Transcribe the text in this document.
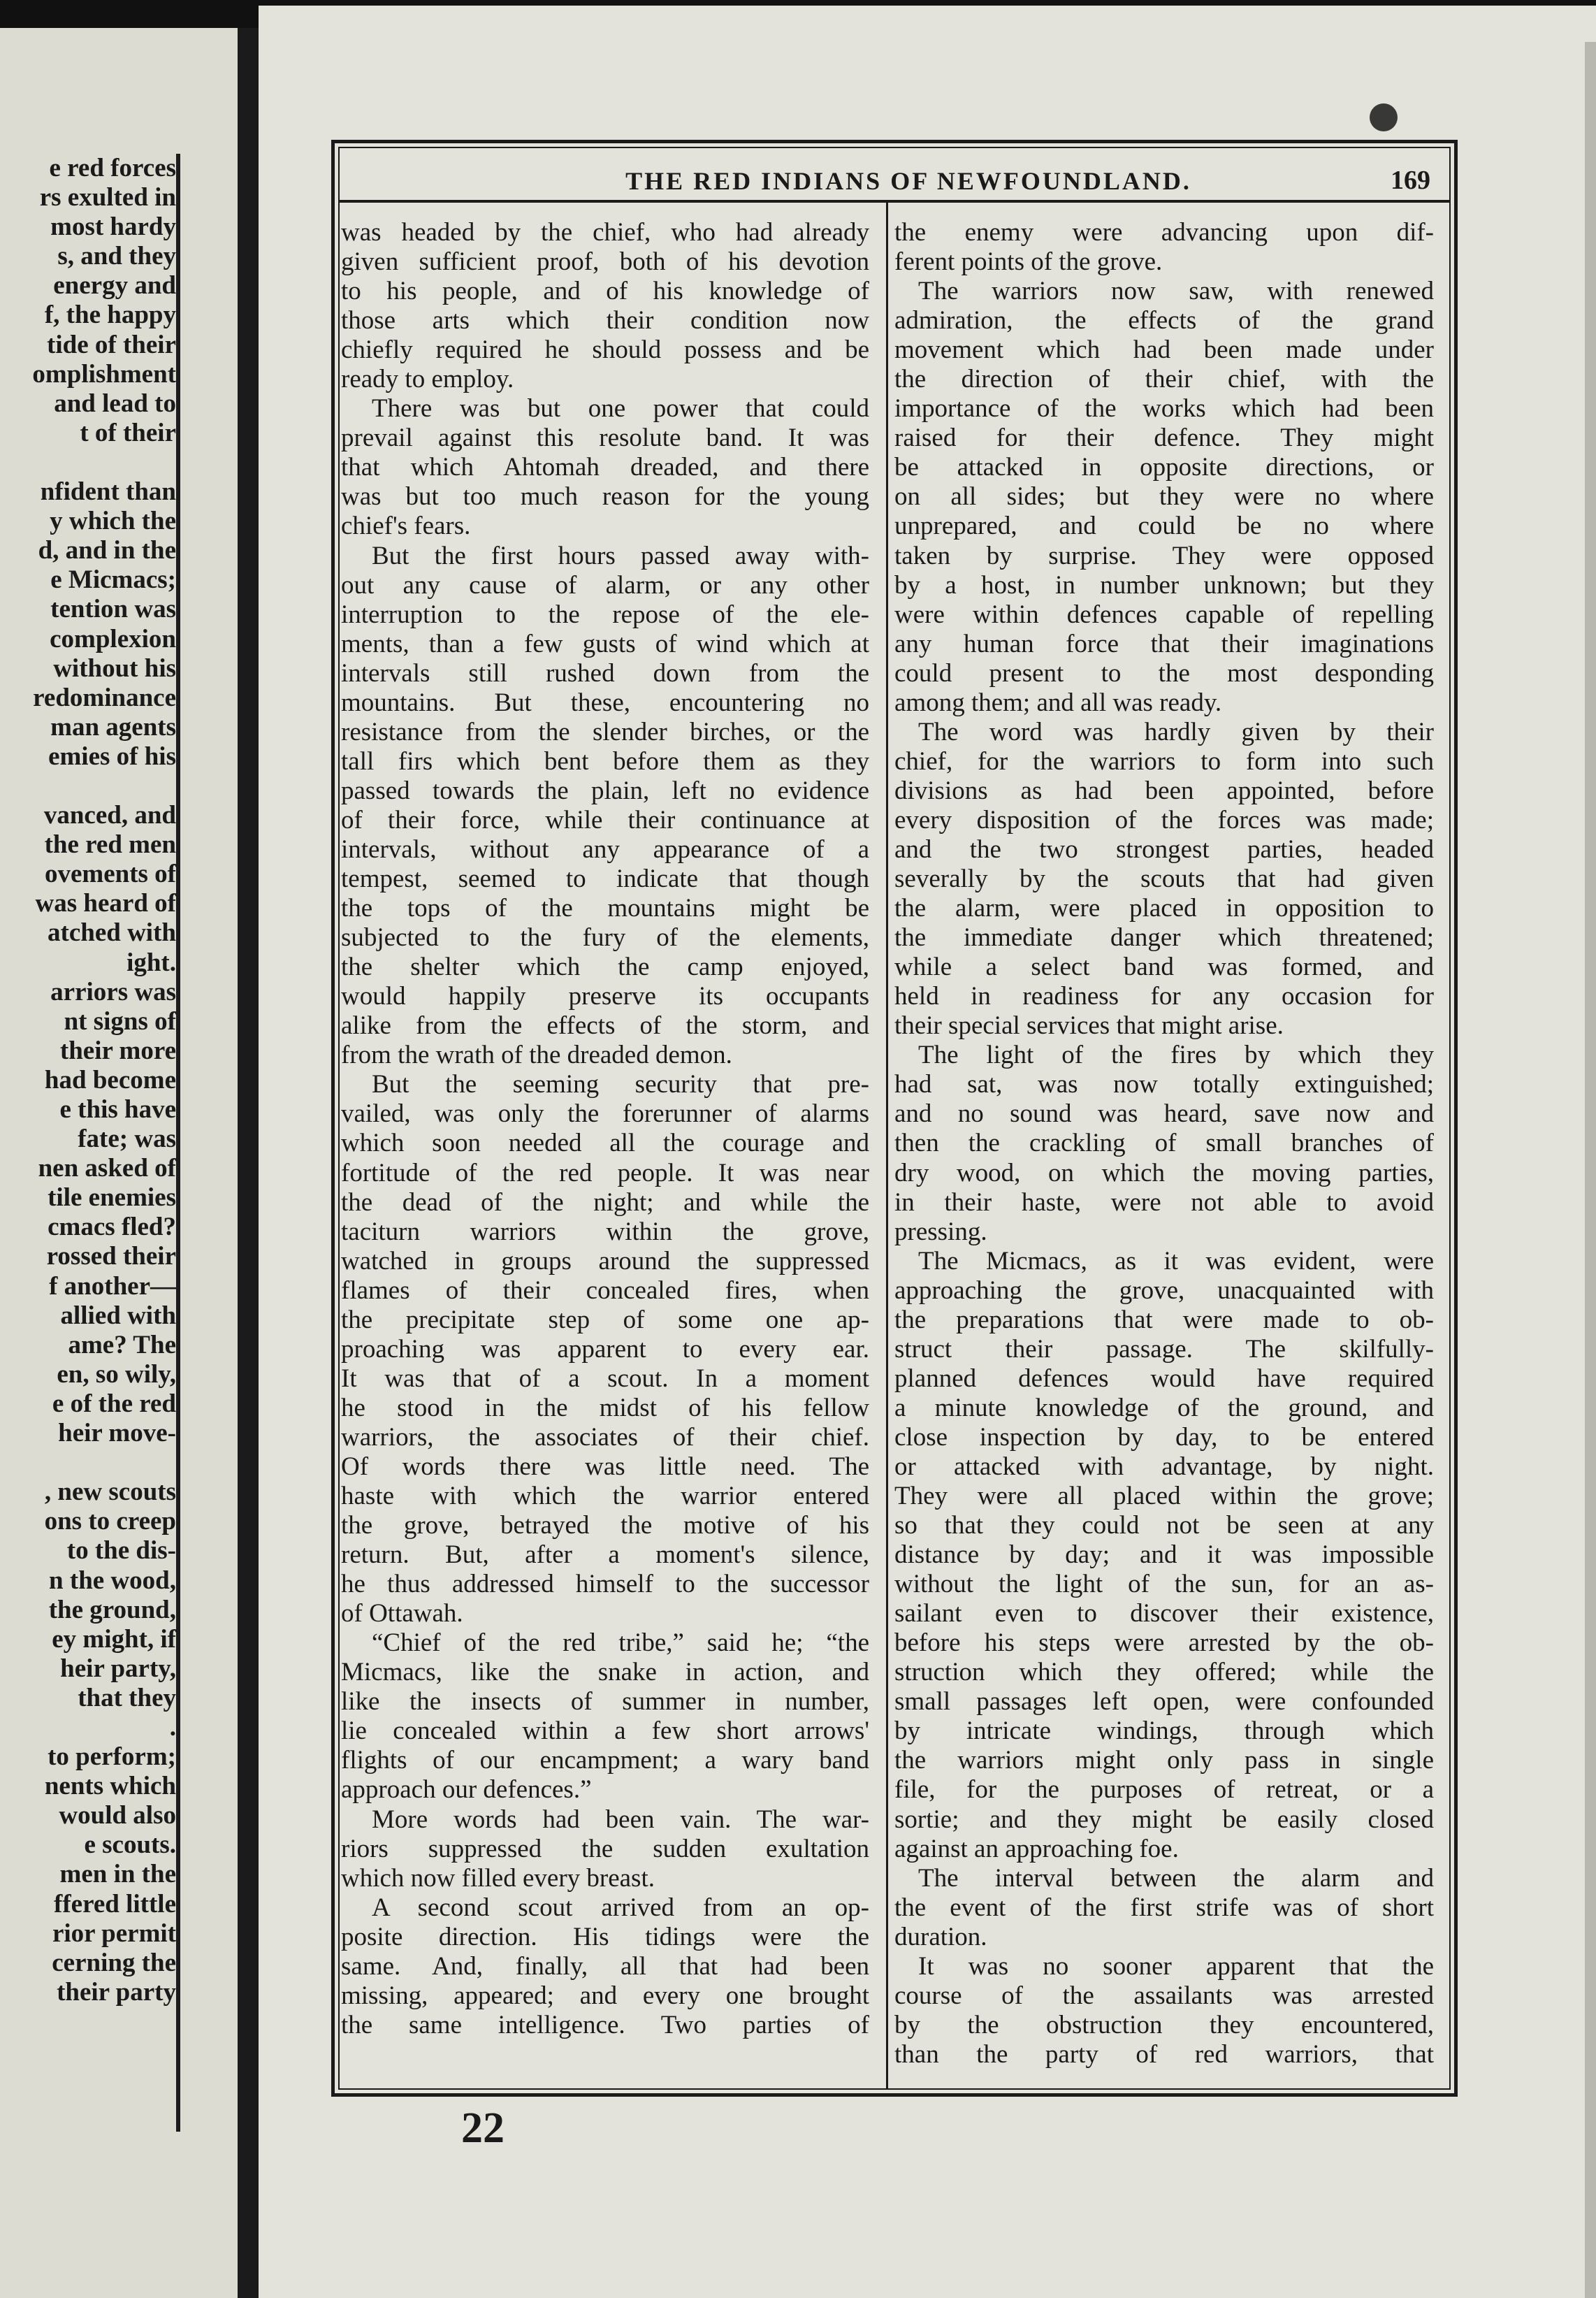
e red forces
rs exulted in
most hardy
s, and they
energy and
f, the happy
tide of their
omplishment
and lead to
t of their
nfident than
y which the
d, and in the
e Micmacs;
tention was
complexion
without his
redominance
man agents
emies of his
vanced, and
the red men
ovements of
was heard of
atched with
ight.
arriors was
nt signs of
their more
had become
e this have
fate; was
nen asked of
tile enemies
cmacs fled?
rossed their
f another—
allied with
ame? The
en, so wily,
e of the red
heir move-
, new scouts
ons to creep
to the dis-
n the wood,
the ground,
ey might, if
heir party,
that they
.
to perform;
nents which
would also
e scouts.
men in the
ffered little
rior permit
cerning the
their party
THE RED INDIANS OF NEWFOUNDLAND.	169

was headed by the chief, who had already

given sufficient proof, both of his devotion

to his people, and of his knowledge of

those arts which their condition now

chiefly required he should possess and be

ready to employ.

There was but one power that could

prevail against this resolute band. It was

that which Ahtomah dreaded, and there

was but too much reason for the young

chief's fears.

But the first hours passed away with-

out any cause of alarm, or any other

interruption to the repose of the ele-

ments, than a few gusts of wind which at

intervals still rushed down from the

mountains. But these, encountering no

resistance from the slender birches, or the

tall firs which bent before them as they

passed towards the plain, left no evidence

of their force, while their continuance at

intervals, without any appearance of a

tempest, seemed to indicate that though

the tops of the mountains might be

subjected to the fury of the elements,

the shelter which the camp enjoyed,

would happily preserve its occupants

alike from the effects of the storm, and

from the wrath of the dreaded demon.

But the seeming security that pre-

vailed, was only the forerunner of alarms

which soon needed all the courage and

fortitude of the red people. It was near

the dead of the night; and while the

taciturn warriors within the grove,

watched in groups around the suppressed

flames of their concealed fires, when

the precipitate step of some one ap-

proaching was apparent to every ear.

It was that of a scout. In a moment

he stood in the midst of his fellow

warriors, the associates of their chief.

Of words there was little need. The

haste with which the warrior entered

the grove, betrayed the motive of his

return. But, after a moment's silence,

he thus addressed himself to the successor

of Ottawah.

“Chief of the red tribe,” said he; “the

Micmacs, like the snake in action, and

like the insects of summer in number,

lie concealed within a few short arrows'

flights of our encampment; a wary band

approach our defences.”

More words had been vain. The war-

riors suppressed the sudden exultation

which now filled every breast.

A second scout arrived from an op-

posite direction. His tidings were the

same. And, finally, all that had been

missing, appeared; and every one brought

the same intelligence. Two parties of

the enemy were advancing upon dif-

ferent points of the grove.

The warriors now saw, with renewed

admiration, the effects of the grand

movement which had been made under

the direction of their chief, with the

importance of the works which had been

raised for their defence. They might

be attacked in opposite directions, or

on all sides; but they were no where

unprepared, and could be no where

taken by surprise. They were opposed

by a host, in number unknown; but they

were within defences capable of repelling

any human force that their imaginations

could present to the most desponding

among them; and all was ready.

The word was hardly given by their

chief, for the warriors to form into such

divisions as had been appointed, before

every disposition of the forces was made;

and the two strongest parties, headed

severally by the scouts that had given

the alarm, were placed in opposition to

the immediate danger which threatened;

while a select band was formed, and

held in readiness for any occasion for

their special services that might arise.

The light of the fires by which they

had sat, was now totally extinguished;

and no sound was heard, save now and

then the crackling of small branches of

dry wood, on which the moving parties,

in their haste, were not able to avoid

pressing.

The Micmacs, as it was evident, were

approaching the grove, unacquainted with

the preparations that were made to ob-

struct their passage. The skilfully-

planned defences would have required

a minute knowledge of the ground, and

close inspection by day, to be entered

or attacked with advantage, by night.

They were all placed within the grove;

so that they could not be seen at any

distance by day; and it was impossible

without the light of the sun, for an as-

sailant even to discover their existence,

before his steps were arrested by the ob-

struction which they offered; while the

small passages left open, were confounded

by intricate windings, through which

the warriors might only pass in single

file, for the purposes of retreat, or a

sortie; and they might be easily closed

against an approaching foe.

The interval between the alarm and

the event of the first strife was of short

duration.

It was no sooner apparent that the

course of the assailants was arrested

by the obstruction they encountered,

than the party of red warriors, that

22
